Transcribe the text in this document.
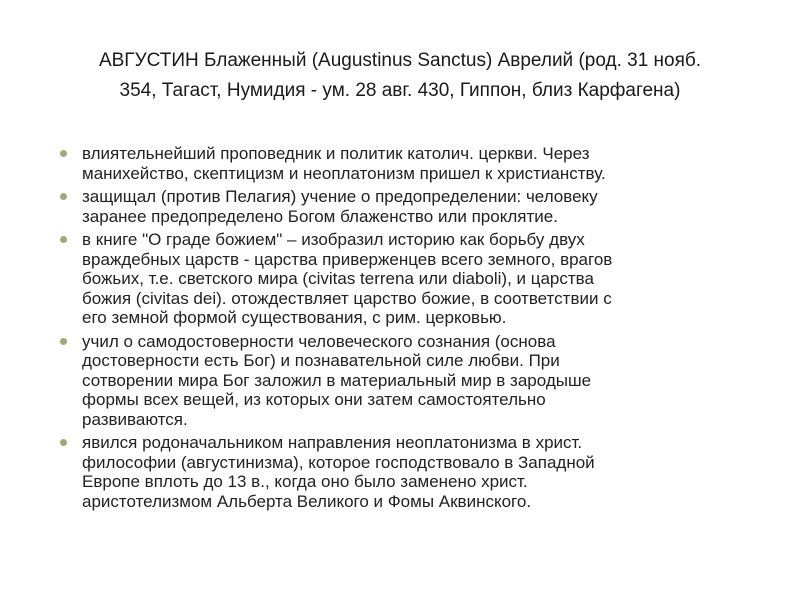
АВГУСТИН Блаженный (Augustinus Sanctus) Аврелий (род. 31 нояб.
354, Тагаст, Нумидия - ум. 28 авг. 430, Гиппон, близ Карфагена)
влиятельнейший проповедник и политик католич. церкви. Через
манихейство, скептицизм и неоплатонизм пришел к христианству.
защищал (против Пелагия) учение о предопределении: человеку
заранее предопределено Богом блаженство или проклятие.
в книге "О граде божием" – изобразил историю как борьбу двух
враждебных царств - царства приверженцев всего земного, врагов
божьих, т.е. светского мира (civitas terrena или diaboli), и царства
божия (civitas dei). отождествляет царство божие, в соответствии с
его земной формой существования, с рим. церковью.
учил о самодостоверности человеческого сознания (основа
достоверности есть Бог) и познавательной силе любви. При
сотворении мира Бог заложил в материальный мир в зародыше
формы всех вещей, из которых они затем самостоятельно
развиваются.
явился родоначальником направления неоплатонизма в христ.
философии (августинизма), которое господствовало в Западной
Европе вплоть до 13 в., когда оно было заменено христ.
аристотелизмом Альберта Великого и Фомы Аквинского.
